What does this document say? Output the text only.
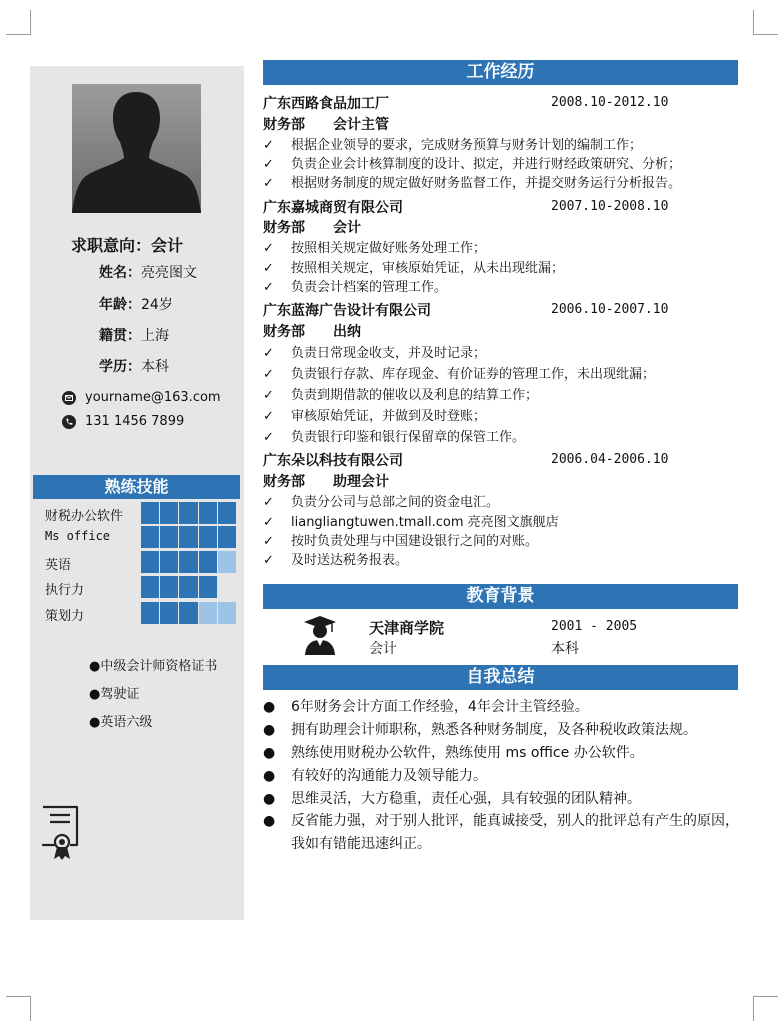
求职意向：会计
姓名：亮亮图文
年龄：24岁
籍贯：上海
学历：本科
yourname@163.com
131 1456 7899
熟练技能
财税办公软件
Ms office
英语
执行力
策划力
●中级会计师资格证书
●驾驶证
●英语六级
工作经历
广东西路食品加工厂	2008.10-2012.10
财务部 会计主管
✓ 根据企业领导的要求，完成财务预算与财务计划的编制工作；
✓ 负责企业会计核算制度的设计、拟定，并进行财经政策研究、分析；
✓ 根据财务制度的规定做好财务监督工作，并提交财务运行分析报告。
广东嘉城商贸有限公司	2007.10-2008.10
财务部 会计
✓ 按照相关规定做好账务处理工作；
✓ 按照相关规定，审核原始凭证，从未出现纰漏；
✓ 负责会计档案的管理工作。
广东蓝海广告设计有限公司	2006.10-2007.10
财务部 出纳
✓ 负责日常现金收支，并及时记录；
✓ 负责银行存款、库存现金、有价证券的管理工作，未出现纰漏；
✓ 负责到期借款的催收以及利息的结算工作；
✓ 审核原始凭证，并做到及时登账；
✓ 负责银行印鉴和银行保留章的保管工作。
广东朵以科技有限公司	2006.04-2006.10
财务部 助理会计
✓ 负责分公司与总部之间的资金电汇。
✓ liangliangtuwen.tmall.com 亮亮图文旗舰店
✓ 按时负责处理与中国建设银行之间的对账。
✓ 及时送达税务报表。
教育背景
天津商学院	2001 - 2005
会计	本科
自我总结
● 6年财务会计方面工作经验，4年会计主管经验。
● 拥有助理会计师职称，熟悉各种财务制度，及各种税收政策法规。
● 熟练使用财税办公软件，熟练使用 ms office 办公软件。
● 有较好的沟通能力及领导能力。
● 思维灵活，大方稳重，责任心强，具有较强的团队精神。
● 反省能力强，对于别人批评，能真诚接受，别人的批评总有产生的原因，我如有错能迅速纠正。
